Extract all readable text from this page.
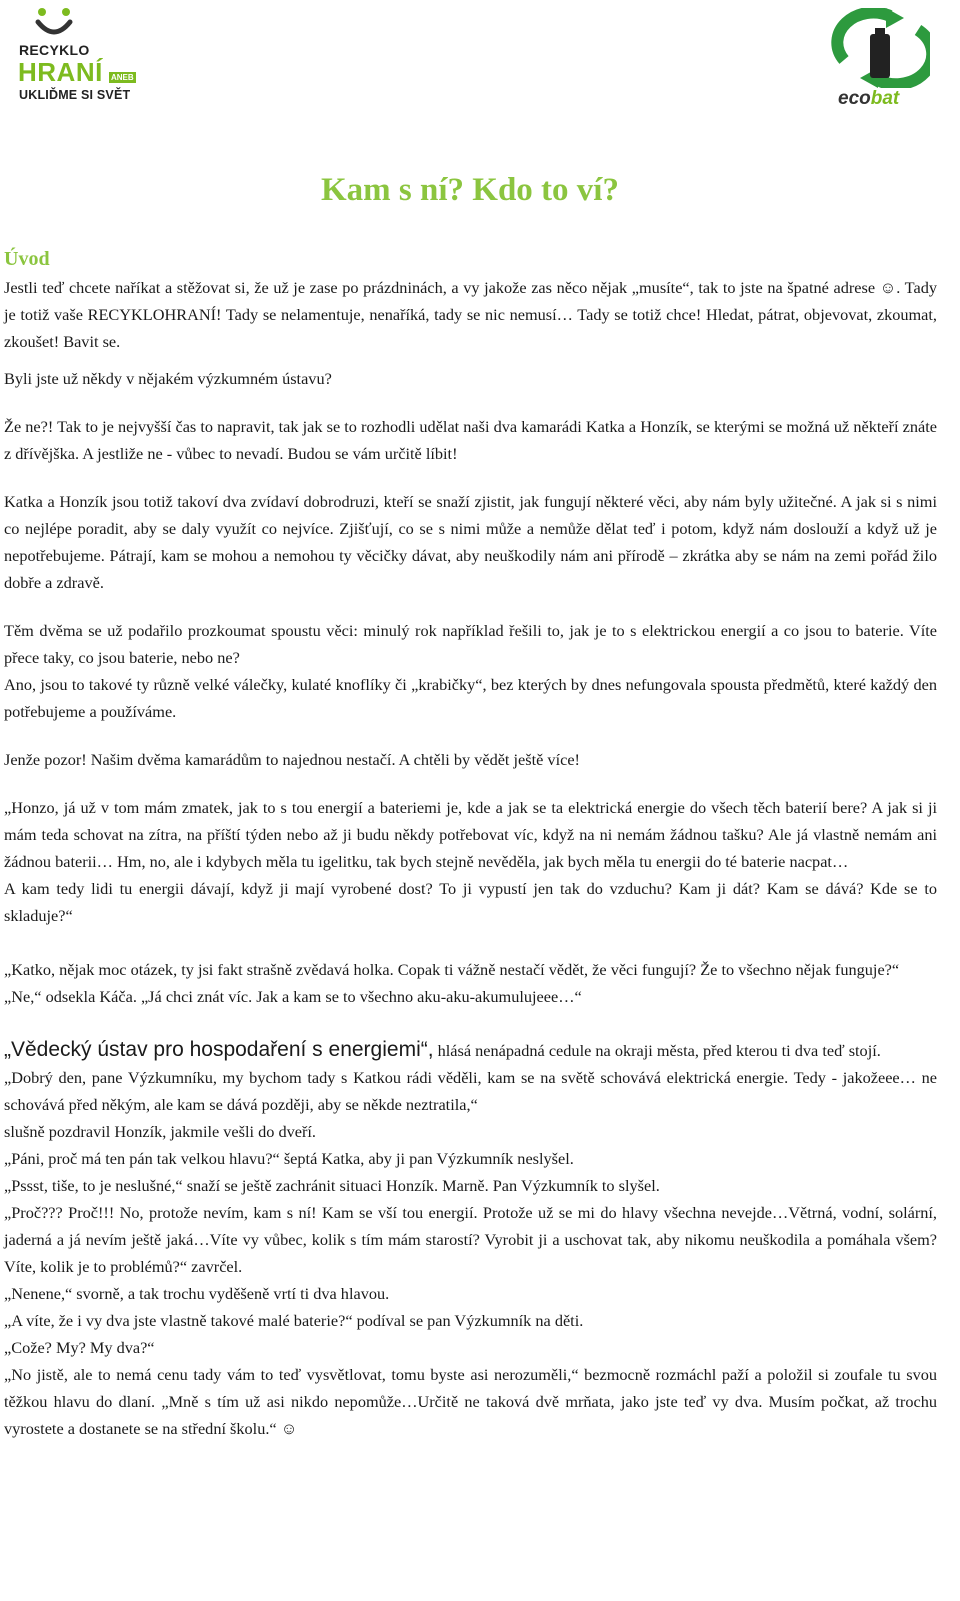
RECYKLO
HRANÍ ANEB
UKLIĎME SI SVĚT	ecobat
Kam s ní? Kdo to ví?
Úvod

Jestli teď chcete naříkat a stěžovat si, že už je zase po prázdninách, a vy jakože zas něco nějak „musíte“, tak to jste na špatné adrese ☺. Tady je totiž vaše RECYKLOHRANÍ! Tady se nelamentuje, nenaříká, tady se nic nemusí… Tady se totiž chce! Hledat, pátrat, objevovat, zkoumat, zkoušet! Bavit se.

Byli jste už někdy v nějakém výzkumném ústavu?

Že ne?! Tak to je nejvyšší čas to napravit, tak jak se to rozhodli udělat naši dva kamarádi Katka a Honzík, se kterými se možná už někteří znáte z dřívějška. A jestliže ne - vůbec to nevadí. Budou se vám určitě líbit!

Katka a Honzík jsou totiž takoví dva zvídaví dobrodruzi, kteří se snaží zjistit, jak fungují některé věci, aby nám byly užitečné. A jak si s nimi co nejlépe poradit, aby se daly využít co nejvíce. Zjišťují, co se s nimi může a nemůže dělat teď i potom, když nám doslouží a když už je nepotřebujeme. Pátrají, kam se mohou a nemohou ty věcičky dávat, aby neuškodily nám ani přírodě – zkrátka aby se nám na zemi pořád žilo dobře a zdravě.

Těm dvěma se už podařilo prozkoumat spoustu věci: minulý rok například řešili to, jak je to s elektrickou energií a co jsou to baterie. Víte přece taky, co jsou baterie, nebo ne?

Ano, jsou to takové ty různě velké válečky, kulaté knoflíky či „krabičky“, bez kterých by dnes nefungovala spousta předmětů, které každý den potřebujeme a používáme.

Jenže pozor! Našim dvěma kamarádům to najednou nestačí. A chtěli by vědět ještě více!

„Honzo, já už v tom mám zmatek, jak to s tou energií a bateriemi je, kde a jak se ta elektrická energie do všech těch baterií bere? A jak si ji mám teda schovat na zítra, na příští týden nebo až ji budu někdy potřebovat víc, když na ni nemám žádnou tašku? Ale já vlastně nemám ani žádnou baterii… Hm, no, ale i kdybych měla tu igelitku, tak bych stejně nevěděla, jak bych měla tu energii do té baterie nacpat…

A kam tedy lidi tu energii dávají, když ji mají vyrobené dost? To ji vypustí jen tak do vzduchu? Kam ji dát? Kam se dává? Kde se to skladuje?“

„Katko, nějak moc otázek, ty jsi fakt strašně zvědavá holka. Copak ti vážně nestačí vědět, že věci fungují? Že to všechno nějak funguje?“

„Ne,“ odsekla Káča. „Já chci znát víc. Jak a kam se to všechno aku-aku-akumulujeee…“

„Vědecký ústav pro hospodaření s energiemi“, hlásá nenápadná cedule na okraji města, před kterou ti dva teď stojí.

„Dobrý den, pane Výzkumníku, my bychom tady s Katkou rádi věděli, kam se na světě schovává elektrická energie. Tedy - jakožeee… ne schovává před někým, ale kam se dává později, aby se někde neztratila,“

slušně pozdravil Honzík, jakmile vešli do dveří.

„Páni, proč má ten pán tak velkou hlavu?“ šeptá Katka, aby ji pan Výzkumník neslyšel.

„Pssst, tiše, to je neslušné,“ snaží se ještě zachránit situaci Honzík. Marně. Pan Výzkumník to slyšel.

„Proč??? Proč!!! No, protože nevím, kam s ní! Kam se vší tou energií. Protože už se mi do hlavy všechna nevejde…Větrná, vodní, solární, jaderná a já nevím ještě jaká…Víte vy vůbec, kolik s tím mám starostí? Vyrobit ji a uschovat tak, aby nikomu neuškodila a pomáhala všem? Víte, kolik je to problémů?“ zavrčel.

„Nenene,“ svorně, a tak trochu vyděšeně vrtí ti dva hlavou.

„A víte, že i vy dva jste vlastně takové malé baterie?“ podíval se pan Výzkumník na děti.

„Cože? My? My dva?“

„No jistě, ale to nemá cenu tady vám to teď vysvětlovat, tomu byste asi nerozuměli,“ bezmocně rozmáchl paží a položil si zoufale tu svou těžkou hlavu do dlaní. „Mně s tím už asi nikdo nepomůže…Určitě ne taková dvě mrňata, jako jste teď vy dva. Musím počkat, až trochu vyrostete a dostanete se na střední školu.“ ☺
